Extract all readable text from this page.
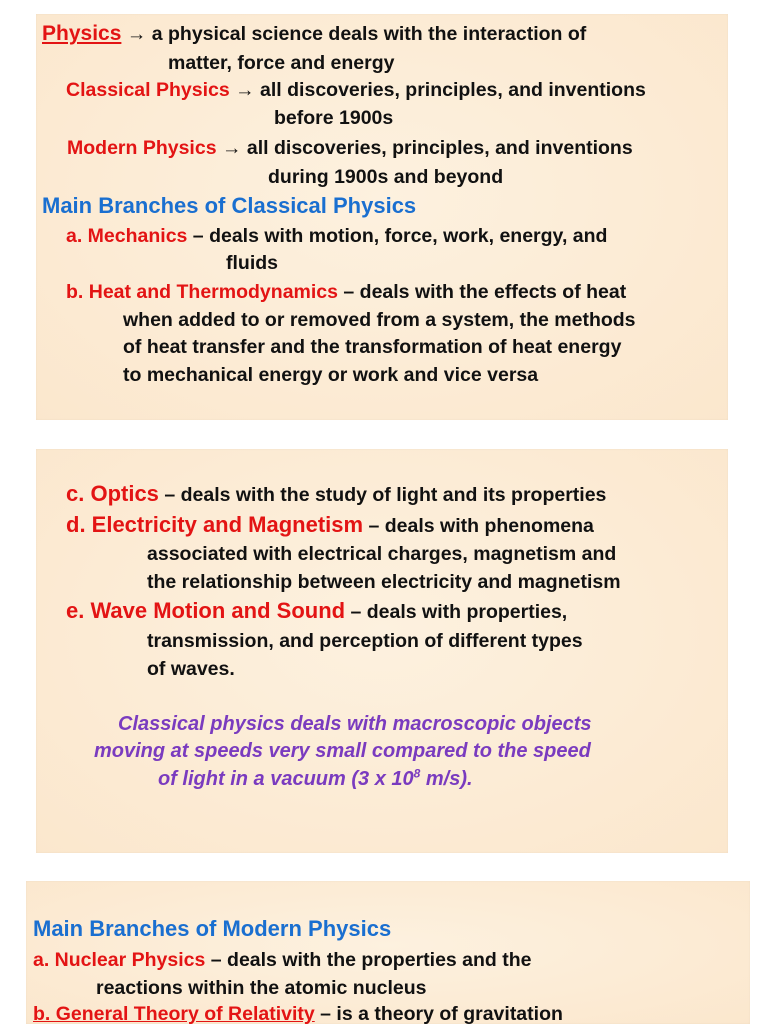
Physics → a physical science deals with the interaction of
matter, force and energy
Classical Physics → all discoveries, principles, and inventions
before 1900s
Modern Physics → all discoveries, principles, and inventions
during 1900s and beyond
Main Branches of Classical Physics
a. Mechanics – deals with motion, force, work, energy, and
fluids
b. Heat and Thermodynamics – deals with the effects of heat
when added to or removed from a system, the methods
of heat transfer and the transformation of heat energy
to mechanical energy or work and vice versa
c. Optics – deals with the study of light and its properties
d. Electricity and Magnetism – deals with phenomena
associated with electrical charges, magnetism and
the relationship between electricity and magnetism
e. Wave Motion and Sound – deals with properties,
transmission, and perception of different types
of waves.
Classical physics deals with macroscopic objects
moving at speeds very small compared to the speed
of light in a vacuum (3 x $10^8$ m/s).
Main Branches of Modern Physics
a. Nuclear Physics – deals with the properties and the
reactions within the atomic nucleus
b. General Theory of Relativity – is a theory of gravitation
